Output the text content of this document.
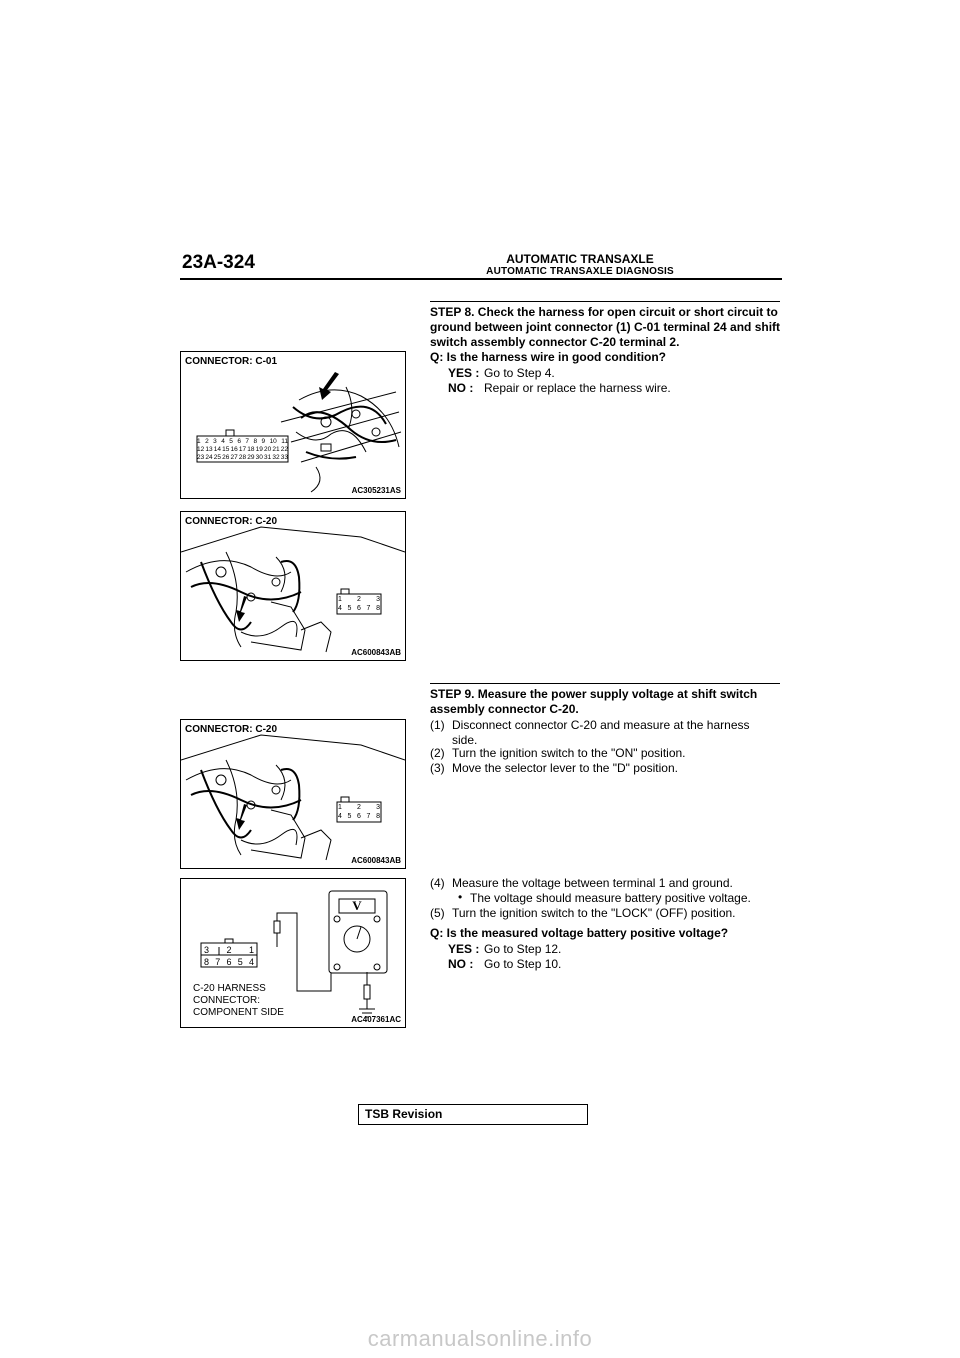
23A-324	AUTOMATIC TRANSAXLE
AUTOMATIC TRANSAXLE DIAGNOSIS
CONNECTOR: C-01
1 2 3 4 5 6 7 8 9 10 11
12 13 14 15 16 17 18 19 20 21 22
23 24 25 26 27 28 29 30 31 32 33
AC305231AS
CONNECTOR: C-20
1 2 3
4 5 6 7 8
AC600843AB
CONNECTOR: C-20
1 2 3
4 5 6 7 8
AC600843AB
V
3 2 1
8 7 6 5 4
C-20 HARNESS
CONNECTOR:
COMPONENT SIDE
AC407361AC
STEP 8. Check the harness for open circuit or short circuit to ground between joint connector (1) C-01 terminal 24 and shift switch assembly connector C-20 terminal 2.
Q: Is the harness wire in good condition?
YES : Go to Step 4.
NO : Repair or replace the harness wire.
STEP 9. Measure the power supply voltage at shift switch assembly connector C-20.
(1) Disconnect connector C-20 and measure at the harness side.
(2) Turn the ignition switch to the "ON" position.
(3) Move the selector lever to the "D" position.
(4) Measure the voltage between terminal 1 and ground.
• The voltage should measure battery positive voltage.
(5) Turn the ignition switch to the "LOCK" (OFF) position.
Q: Is the measured voltage battery positive voltage?
YES : Go to Step 12.
NO : Go to Step 10.
TSB Revision
carmanualsonline.info
